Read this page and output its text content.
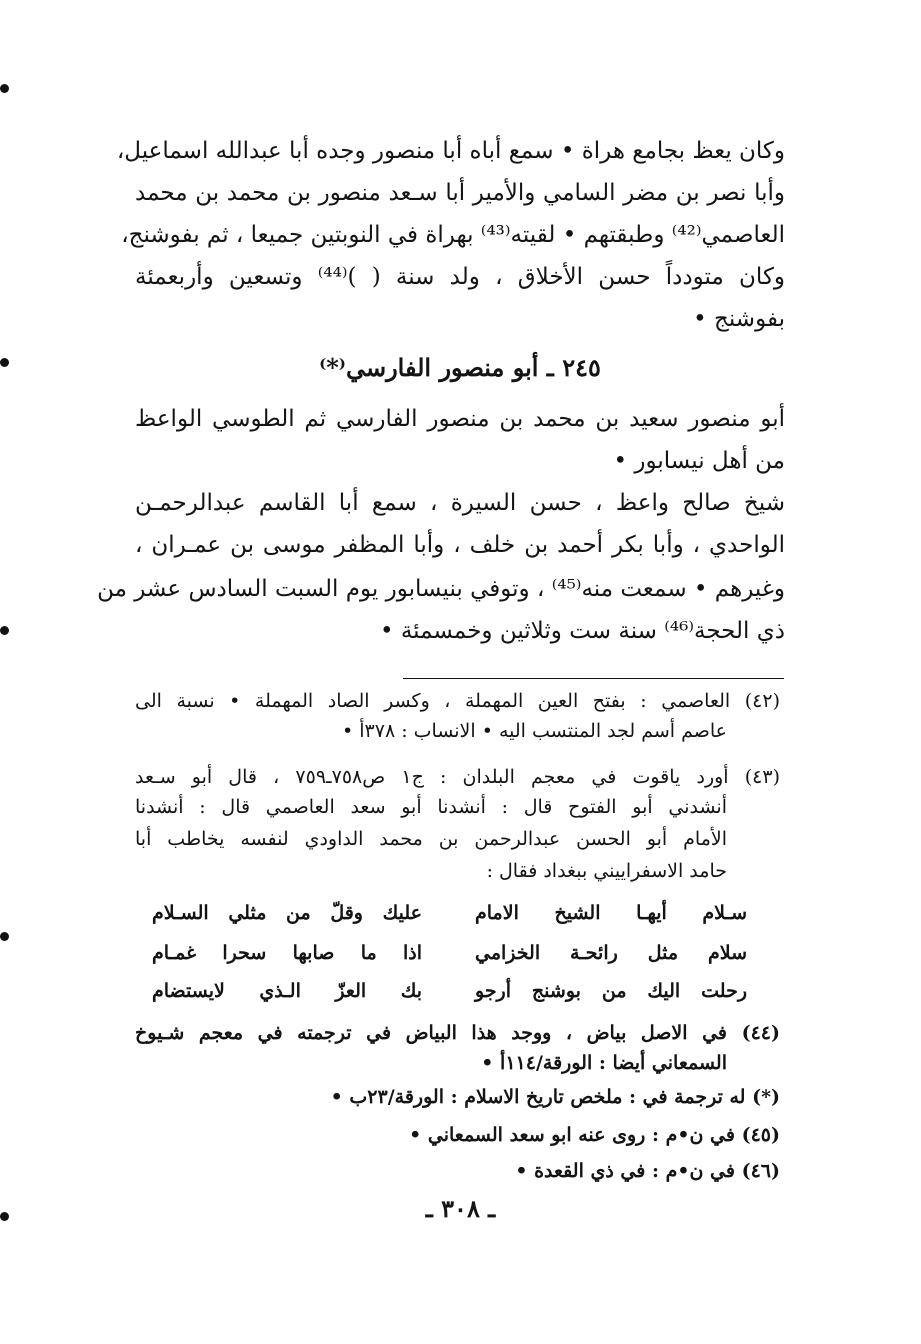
وكان يعظ بجامع هراة • سمع أباه أبا منصور وجده أبا عبدالله اسماعيل،
وأبا نصر بن مضر السامي والأمير أبا سـعد منصور بن محمد بن محمد
العاصمي⁽⁴²⁾ وطبقتهم • لقيته⁽⁴³⁾ بهراة في النوبتين جميعا ، ثم بفوشنج،
وكان متودداً حسن الأخلاق ، ولد سنة ( )⁽⁴⁴⁾ وتسعين وأربعمئة
بفوشنج •
٢٤٥ ـ أبو منصور الفارسي⁽*⁾
أبو منصور سعيد بن محمد بن منصور الفارسي ثم الطوسي الواعظ
من أهل نيسابور •
شيخ صالح واعظ ، حسن السيرة ، سمع أبا القاسم عبدالرحمـن
الواحدي ، وأبا بكر أحمد بن خلف ، وأبا المظفر موسى بن عمـران ،
وغيرهم • سمعت منه⁽⁴⁵⁾ ، وتوفي بنيسابور يوم السبت السادس عشر من
ذي الحجة⁽⁴⁶⁾ سنة ست وثلاثين وخمسمئة •
(٤٢) العاصمي : بفتح العين المهملة ، وكسر الصاد المهملة • نسبة الى
عاصم أسم لجد المنتسب اليه • الانساب : ٣٧٨أ •
(٤٣) أورد ياقوت في معجم البلدان : ج١ ص٧٥٨ـ٧٥٩ ، قال أبو سـعد
أنشدني أبو الفتوح قال : أنشدنا أبو سعد العاصمي قال : أنشدنا
الأمام أبو الحسن عبدالرحمن بن محمد الداودي لنفسه يخاطب أبا
حامد الاسفراييني ببغداد فقال :
سـلام أيهـا الشيخ الامام
عليك وقلّ من مثلي السـلام
سلام مثل رائحـة الخزامي
اذا ما صابها سحرا غمـام
رحلت اليك من بوشنج أرجو
بك العزّ الـذي لايستضام
(٤٤) في الاصل بياض ، ووجد هذا البياض في ترجمته في معجم شـيوخ
السمعاني أيضا : الورقة/١١٤أ •
(*) له ترجمة في : ملخص تاريخ الاسلام : الورقة/٢٣ب •
(٤٥) في ن•م : روى عنه ابو سعد السمعاني •
(٤٦) في ن•م : في ذي القعدة •
ـ ٣٠٨ ـ
